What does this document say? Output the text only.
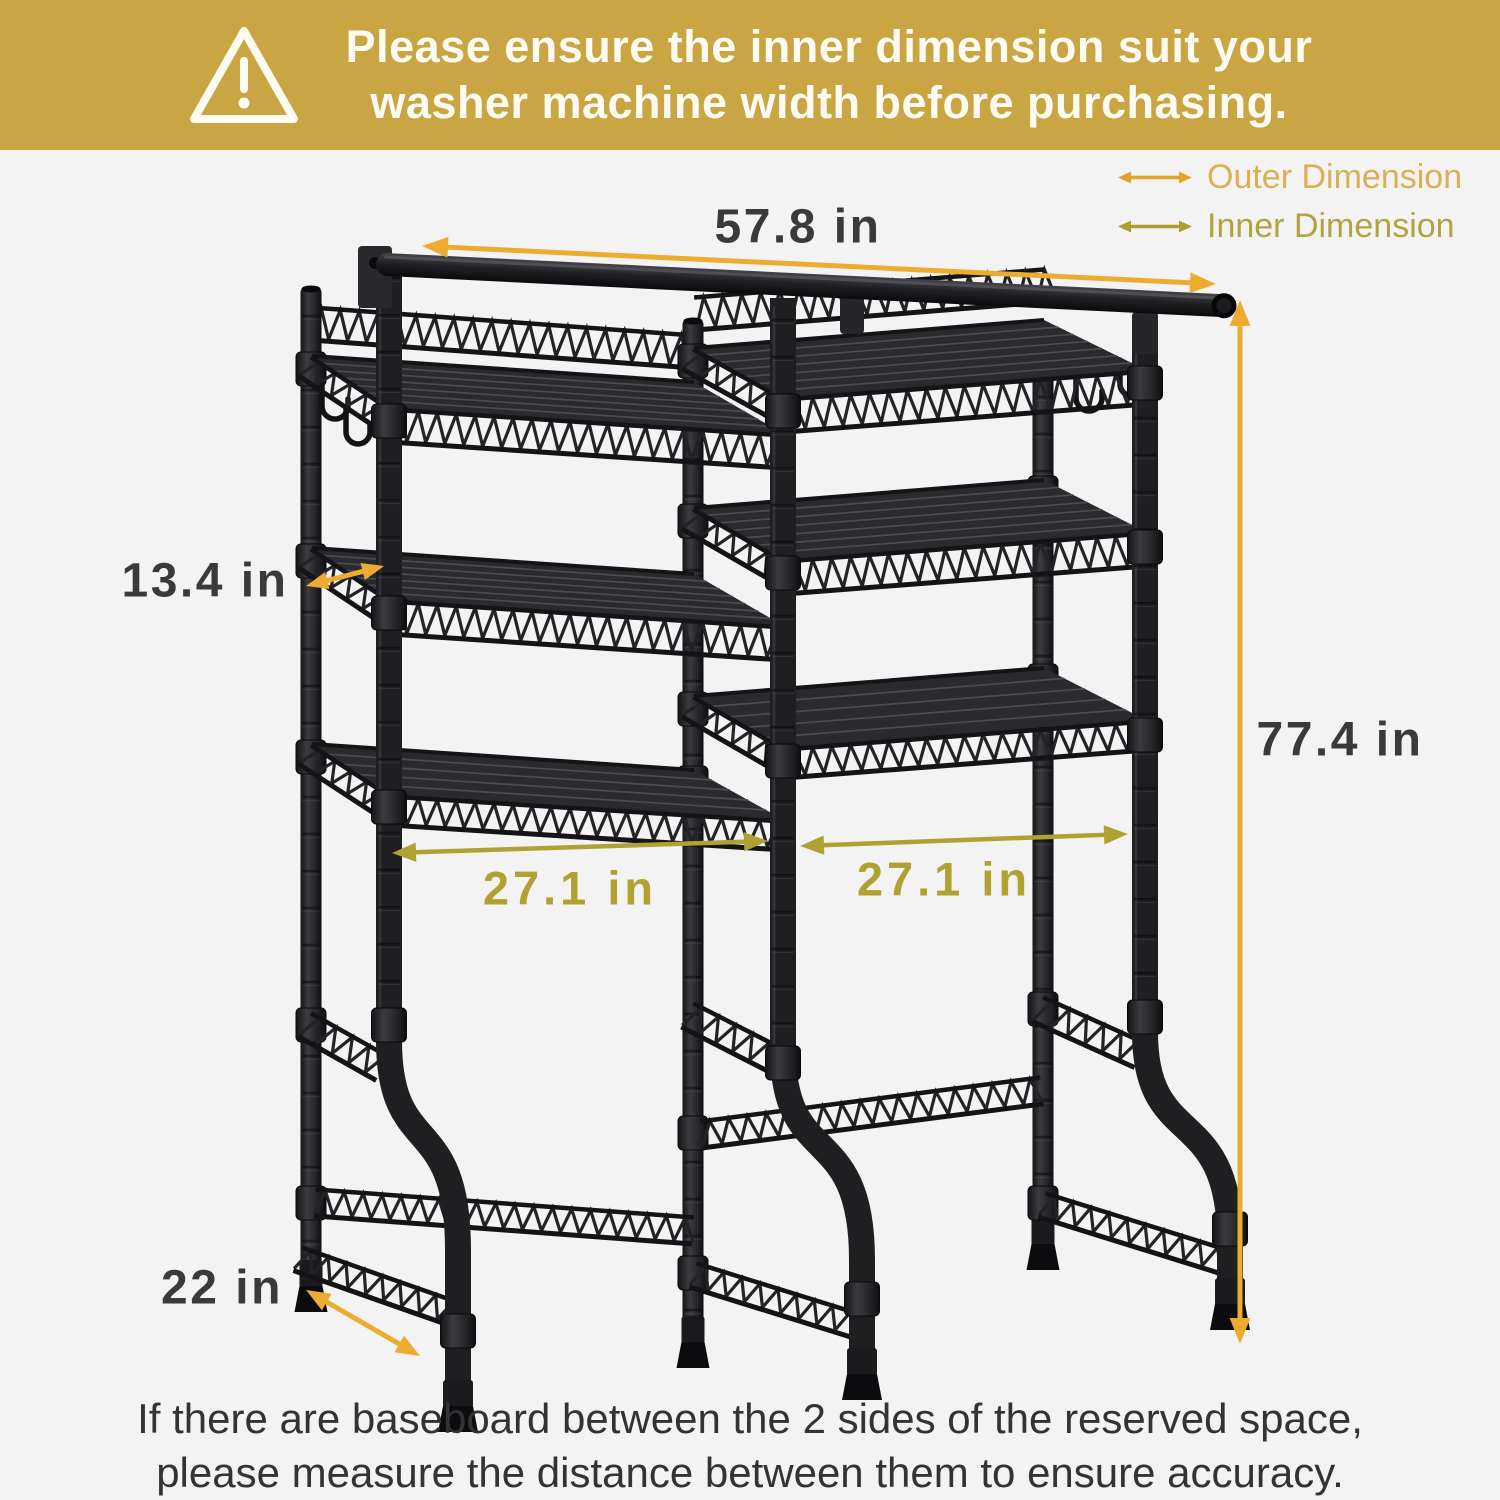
Please ensure the inner dimension suit your
washer machine width before purchasing.
Outer Dimension
Inner Dimension
57.8 in
13.4 in
77.4 in
27.1 in	27.1 in
22 in
If there are baseboard between the 2 sides of the reserved space,
please measure the distance between them to ensure accuracy.
